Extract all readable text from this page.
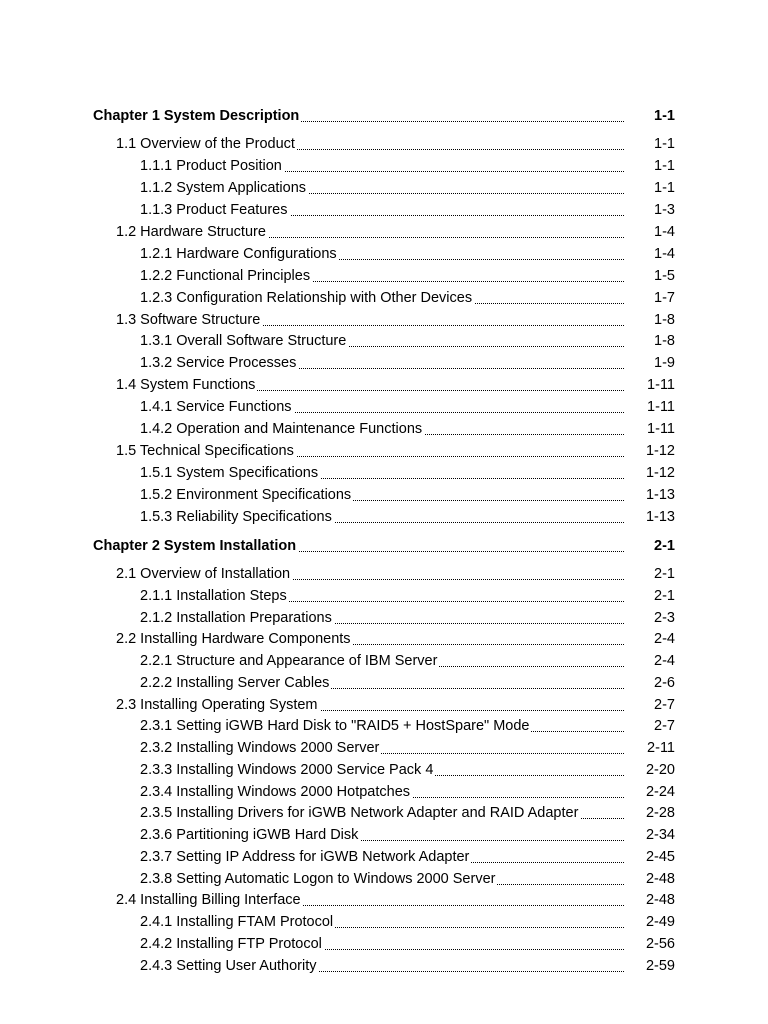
Chapter 1 System Description	1-1
1.1 Overview of the Product	1-1
1.1.1 Product Position	1-1
1.1.2 System Applications	1-1
1.1.3 Product Features	1-3
1.2 Hardware Structure	1-4
1.2.1 Hardware Configurations	1-4
1.2.2 Functional Principles	1-5
1.2.3 Configuration Relationship with Other Devices	1-7
1.3 Software Structure	1-8
1.3.1 Overall Software Structure	1-8
1.3.2 Service Processes	1-9
1.4 System Functions	1-11
1.4.1 Service Functions	1-11
1.4.2 Operation and Maintenance Functions	1-11
1.5 Technical Specifications	1-12
1.5.1 System Specifications	1-12
1.5.2 Environment Specifications	1-13
1.5.3 Reliability Specifications	1-13
Chapter 2 System Installation	2-1
2.1 Overview of Installation	2-1
2.1.1 Installation Steps	2-1
2.1.2 Installation Preparations	2-3
2.2 Installing Hardware Components	2-4
2.2.1 Structure and Appearance of IBM Server	2-4
2.2.2 Installing Server Cables	2-6
2.3 Installing Operating System	2-7
2.3.1 Setting iGWB Hard Disk to "RAID5 + HostSpare" Mode	2-7
2.3.2 Installing Windows 2000 Server	2-11
2.3.3 Installing Windows 2000 Service Pack 4	2-20
2.3.4 Installing Windows 2000 Hotpatches	2-24
2.3.5 Installing Drivers for iGWB Network Adapter and RAID Adapter	2-28
2.3.6 Partitioning iGWB Hard Disk	2-34
2.3.7 Setting IP Address for iGWB Network Adapter	2-45
2.3.8 Setting Automatic Logon to Windows 2000 Server	2-48
2.4 Installing Billing Interface	2-48
2.4.1 Installing FTAM Protocol	2-49
2.4.2 Installing FTP Protocol	2-56
2.4.3 Setting User Authority	2-59
